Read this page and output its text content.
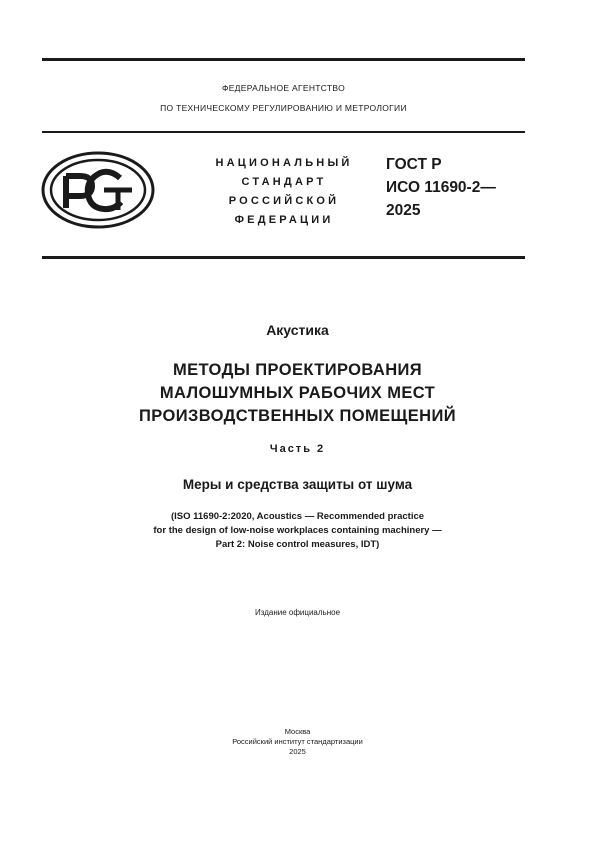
ФЕДЕРАЛЬНОЕ АГЕНТСТВО
ПО ТЕХНИЧЕСКОМУ РЕГУЛИРОВАНИЮ И МЕТРОЛОГИИ
НАЦИОНАЛЬНЫЙ
СТАНДАРТ
РОССИЙСКОЙ
ФЕДЕРАЦИИ
ГОСТ Р
ИСО 11690-2—
2025
Акустика
МЕТОДЫ ПРОЕКТИРОВАНИЯ
МАЛОШУМНЫХ РАБОЧИХ МЕСТ
ПРОИЗВОДСТВЕННЫХ ПОМЕЩЕНИЙ
Часть 2
Меры и средства защиты от шума
(ISO 11690-2:2020, Acoustics — Recommended practice
for the design of low-noise workplaces containing machinery —
Part 2: Noise control measures, IDT)
Издание официальное
Москва
Российский институт стандартизации
2025
